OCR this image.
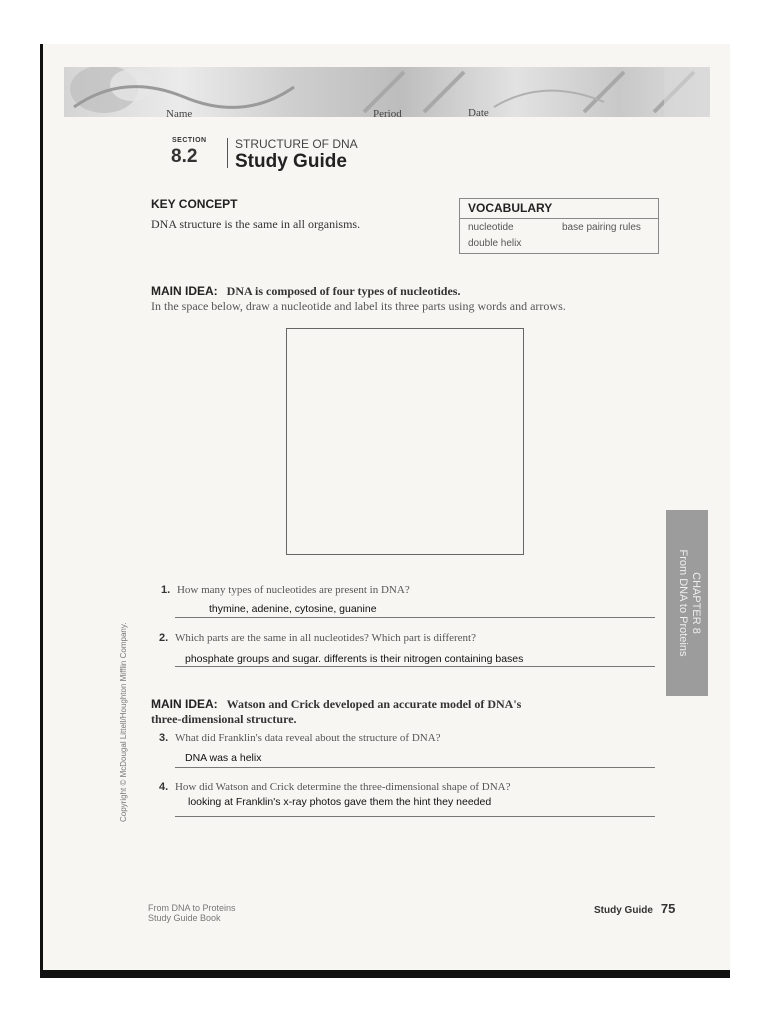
Name	Period	Date
SECTION
8.2
STRUCTURE OF DNA
Study Guide
KEY CONCEPT
DNA structure is the same in all organisms.
VOCABULARY
nucleotide	base pairing rules
double helix
MAIN IDEA: DNA is composed of four types of nucleotides.
In the space below, draw a nucleotide and label its three parts using words and arrows.
1. How many types of nucleotides are present in DNA?
thymine, adenine, cytosine, guanine
2. Which parts are the same in all nucleotides? Which part is different?
phosphate groups and sugar. differents is their nitrogen containing bases
MAIN IDEA: Watson and Crick developed an accurate model of DNA's
three-dimensional structure.
3. What did Franklin's data reveal about the structure of DNA?
DNA was a helix
4. How did Watson and Crick determine the three-dimensional shape of DNA?
looking at Franklin's x-ray photos gave them the hint they needed
CHAPTER 8
From DNA to Proteins
Copyright © McDougal Littell/Houghton Mifflin Company.
From DNA to Proteins
Study Guide Book
Study Guide 75
